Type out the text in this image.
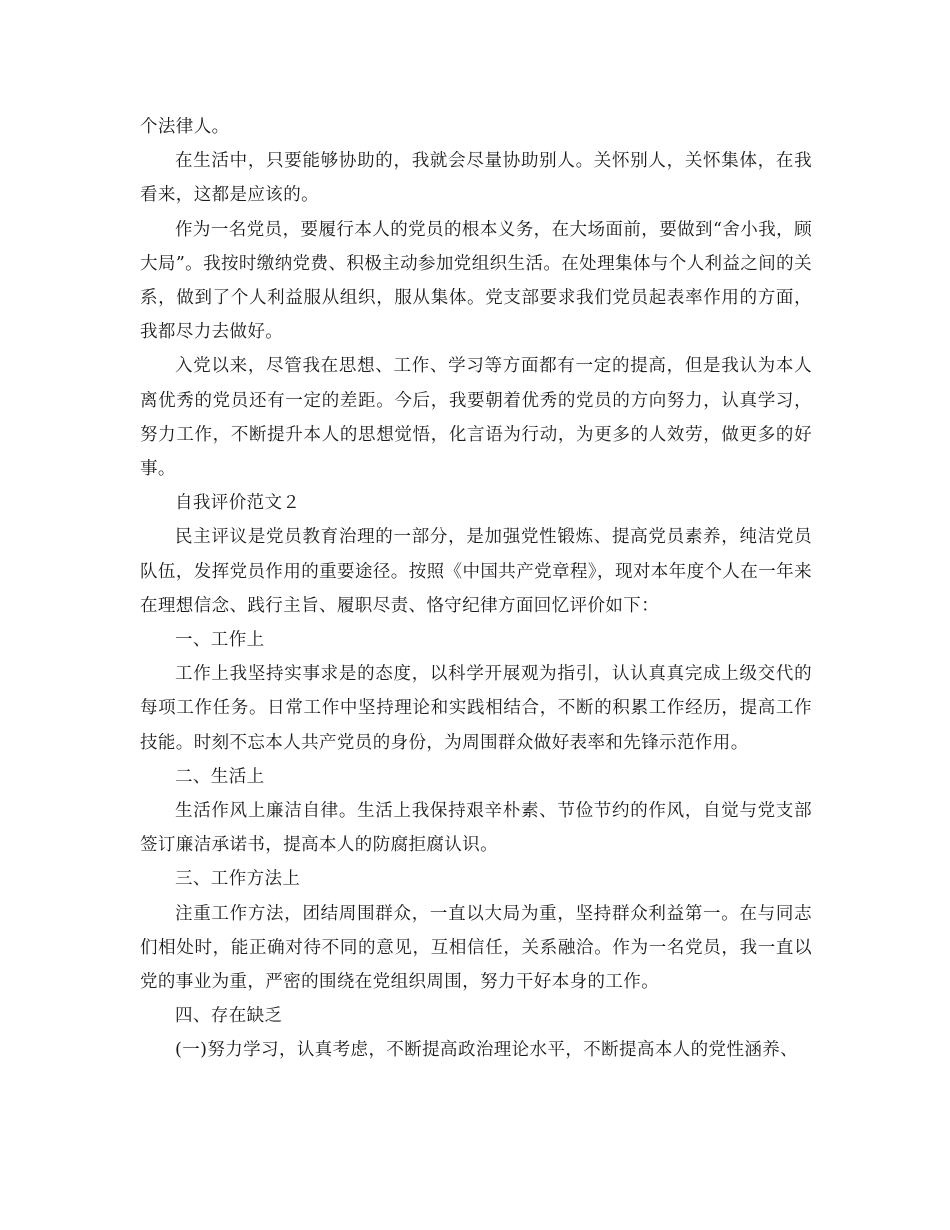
个法律人。

在生活中，只要能够协助的，我就会尽量协助别人。关怀别人，关怀集体，在我看来，这都是应该的。

作为一名党员，要履行本人的党员的根本义务，在大场面前，要做到“舍小我，顾大局”。我按时缴纳党费、积极主动参加党组织生活。在处理集体与个人利益之间的关系，做到了个人利益服从组织，服从集体。党支部要求我们党员起表率作用的方面，我都尽力去做好。

入党以来，尽管我在思想、工作、学习等方面都有一定的提高，但是我认为本人离优秀的党员还有一定的差距。今后，我要朝着优秀的党员的方向努力，认真学习，努力工作，不断提升本人的思想觉悟，化言语为行动，为更多的人效劳，做更多的好事。

自我评价范文２

民主评议是党员教育治理的一部分，是加强党性锻炼、提高党员素养，纯洁党员队伍，发挥党员作用的重要途径。按照《中国共产党章程》，现对本年度个人在一年来在理想信念、践行主旨、履职尽责、恪守纪律方面回忆评价如下：

一、工作上

工作上我坚持实事求是的态度，以科学开展观为指引，认认真真完成上级交代的每项工作任务。日常工作中坚持理论和实践相结合，不断的积累工作经历，提高工作技能。时刻不忘本人共产党员的身份，为周围群众做好表率和先锋示范作用。

二、生活上

生活作风上廉洁自律。生活上我保持艰辛朴素、节俭节约的作风，自觉与党支部签订廉洁承诺书，提高本人的防腐拒腐认识。

三、工作方法上

注重工作方法，团结周围群众，一直以大局为重，坚持群众利益第一。在与同志们相处时，能正确对待不同的意见，互相信任，关系融洽。作为一名党员，我一直以党的事业为重，严密的围绕在党组织周围，努力干好本身的工作。

四、存在缺乏

(一)努力学习，认真考虑，不断提高政治理论水平，不断提高本人的党性涵养、
